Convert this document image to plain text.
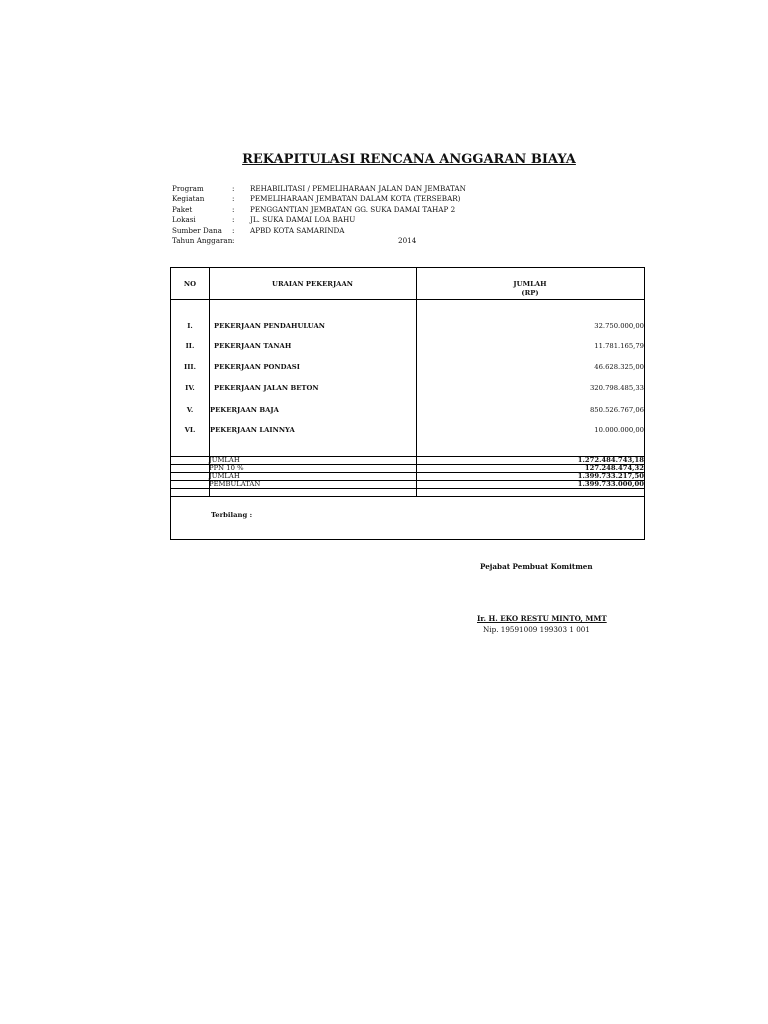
REKAPITULASI RENCANA ANGGARAN BIAYA
Program	: REHABILITASI / PEMELIHARAAN JALAN DAN JEMBATAN
Kegiatan	: PEMELIHARAAN JEMBATAN DALAM KOTA (TERSEBAR)
Paket	: PENGGANTIAN JEMBATAN GG. SUKA DAMAI TAHAP 2
Lokasi	: JL. SUKA DAMAI LOA BAHU
Sumber Dana : APBD KOTA SAMARINDA
Tahun Anggaran :	2014
NO	URAIAN PEKERJAAN	JUMLAH
(RP)
I.	PEKERJAAN PENDAHULUAN	32.750.000,00
II.	PEKERJAAN TANAH	11.781.165,79
III.	PEKERJAAN PONDASI	46.628.325,00
IV.	PEKERJAAN JALAN BETON	320.798.485,33
V.	PEKERJAAN BAJA	850.526.767,06
VI.	PEKERJAAN LAINNYA	10.000.000,00
JUMLAH	1.272.484.743,18
PPN 10 %	127.248.474,32
JUMLAH	1.399.733.217,50
PEMBULATAN	1.399.733.000,00
Terbilang :
Pejabat Pembuat Komitmen
Ir. H. EKO RESTU MINTO, MMT
Nip. 19591009 199303 1 001
